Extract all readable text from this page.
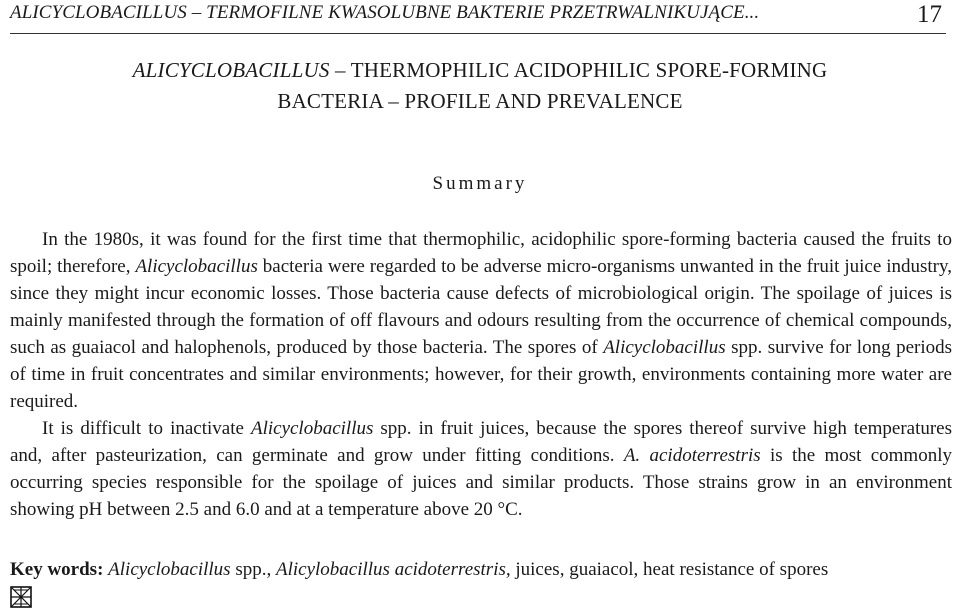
ALICYCLOBACILLUS – TERMOFILNE KWASOLUBNE BAKTERIE PRZETRWALNIKUJĄCE...	17
ALICYCLOBACILLUS – THERMOPHILIC ACIDOPHILIC SPORE-FORMING
BACTERIA – PROFILE AND PREVALENCE
Summary

In the 1980s, it was found for the first time that thermophilic, acidophilic spore-forming bacteria caused the fruits to spoil; therefore, Alicyclobacillus bacteria were regarded to be adverse micro-organisms unwanted in the fruit juice industry, since they might incur economic losses. Those bacteria cause defects of microbiological origin. The spoilage of juices is mainly manifested through the formation of off flavours and odours resulting from the occurrence of chemical compounds, such as guaiacol and halophenols, produced by those bacteria. The spores of Alicyclobacillus spp. survive for long periods of time in fruit concentrates and similar environments; however, for their growth, environments containing more water are required.

It is difficult to inactivate Alicyclobacillus spp. in fruit juices, because the spores thereof survive high temperatures and, after pasteurization, can germinate and grow under fitting conditions. A. acidoterrestris is the most commonly occurring species responsible for the spoilage of juices and similar products. Those strains grow in an environment showing pH between 2.5 and 6.0 and at a temperature above 20 °C.

Key words: Alicyclobacillus spp., Alicylobacillus acidoterrestris, juices, guaiacol, heat resistance of spores
